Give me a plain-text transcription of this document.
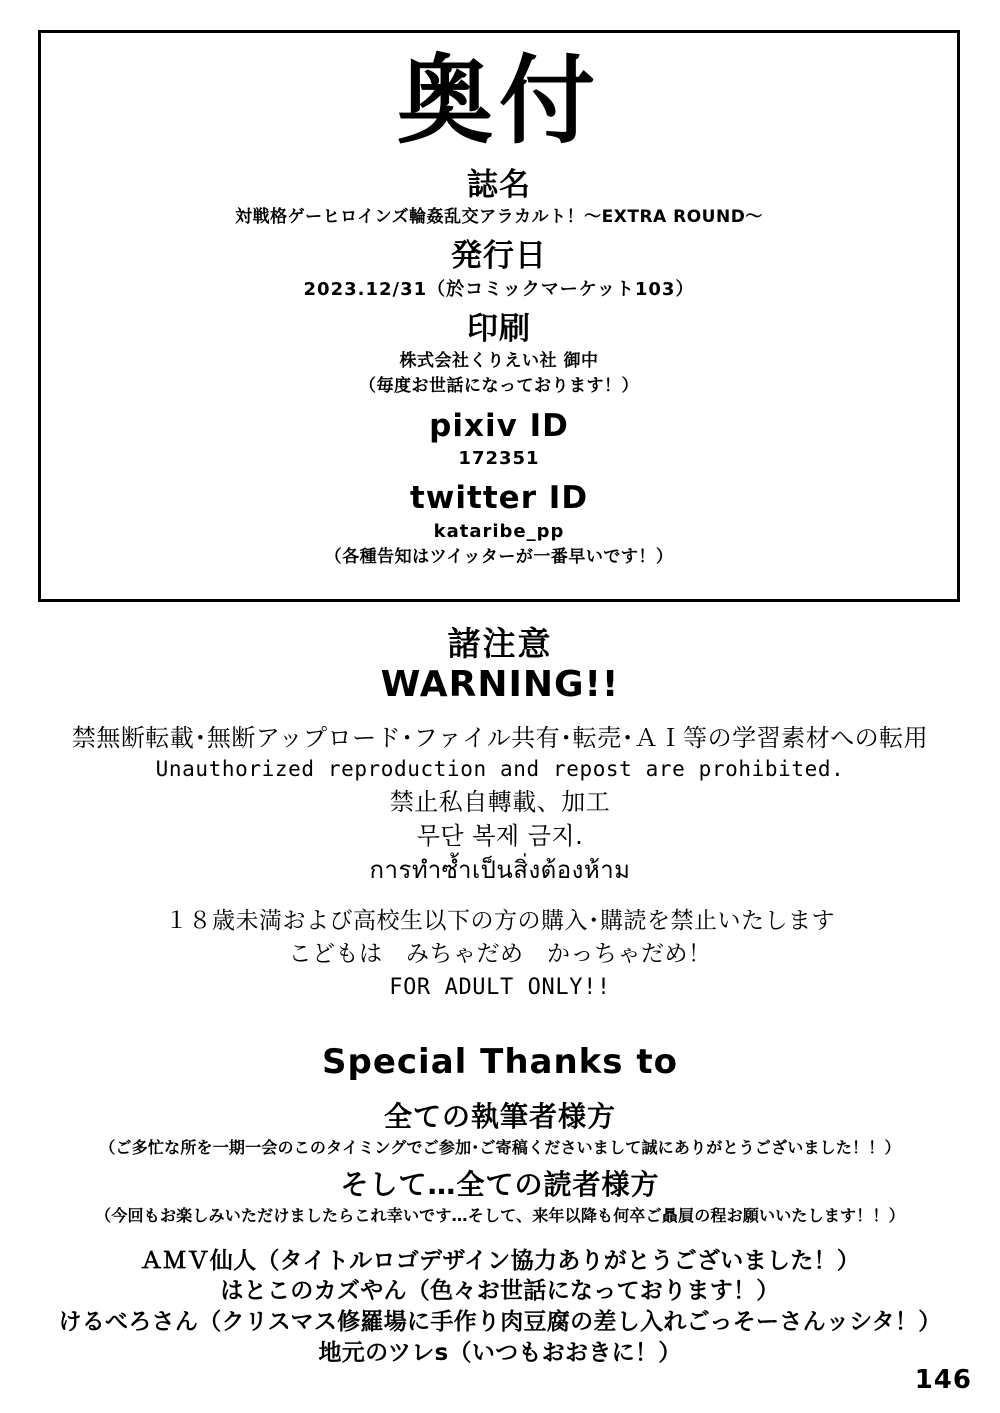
奥付
誌名
対戦格ゲーヒロインズ輪姦乱交アラカルト！〜EXTRA ROUND〜
発行日
2023.12/31（於コミックマーケット103）
印刷
株式会社くりえい社 御中
（毎度お世話になっております！）
pixiv ID
172351
twitter ID
kataribe_pp
（各種告知はツイッターが一番早いです！）
諸注意
WARNING!!
禁無断転載･無断アップロード･ファイル共有･転売･ＡＩ等の学習素材への転用
Unauthorized reproduction and repost are prohibited.
禁止私自轉載、加工
무단 복제 금지.
การทำซ้ำเป็นสิ่งต้องห้าม
１８歳未満および高校生以下の方の購入･購読を禁止いたします
こどもは　みちゃだめ　かっちゃだめ！
FOR ADULT ONLY!!
Special Thanks to
全ての執筆者様方
（ご多忙な所を一期一会のこのタイミングでご参加･ご寄稿くださいまして誠にありがとうございました！！）
そして…全ての読者様方
（今回もお楽しみいただけましたらこれ幸いです…そして、来年以降も何卒ご贔屓の程お願いいたします！！）
ＡＭＶ仙人（タイトルロゴデザイン協力ありがとうございました！）
はとこのカズやん（色々お世話になっております！）
けるべろさん（クリスマス修羅場に手作り肉豆腐の差し入れごっそーさんッシタ！）
地元のツレs（いつもおおきに！）
146
